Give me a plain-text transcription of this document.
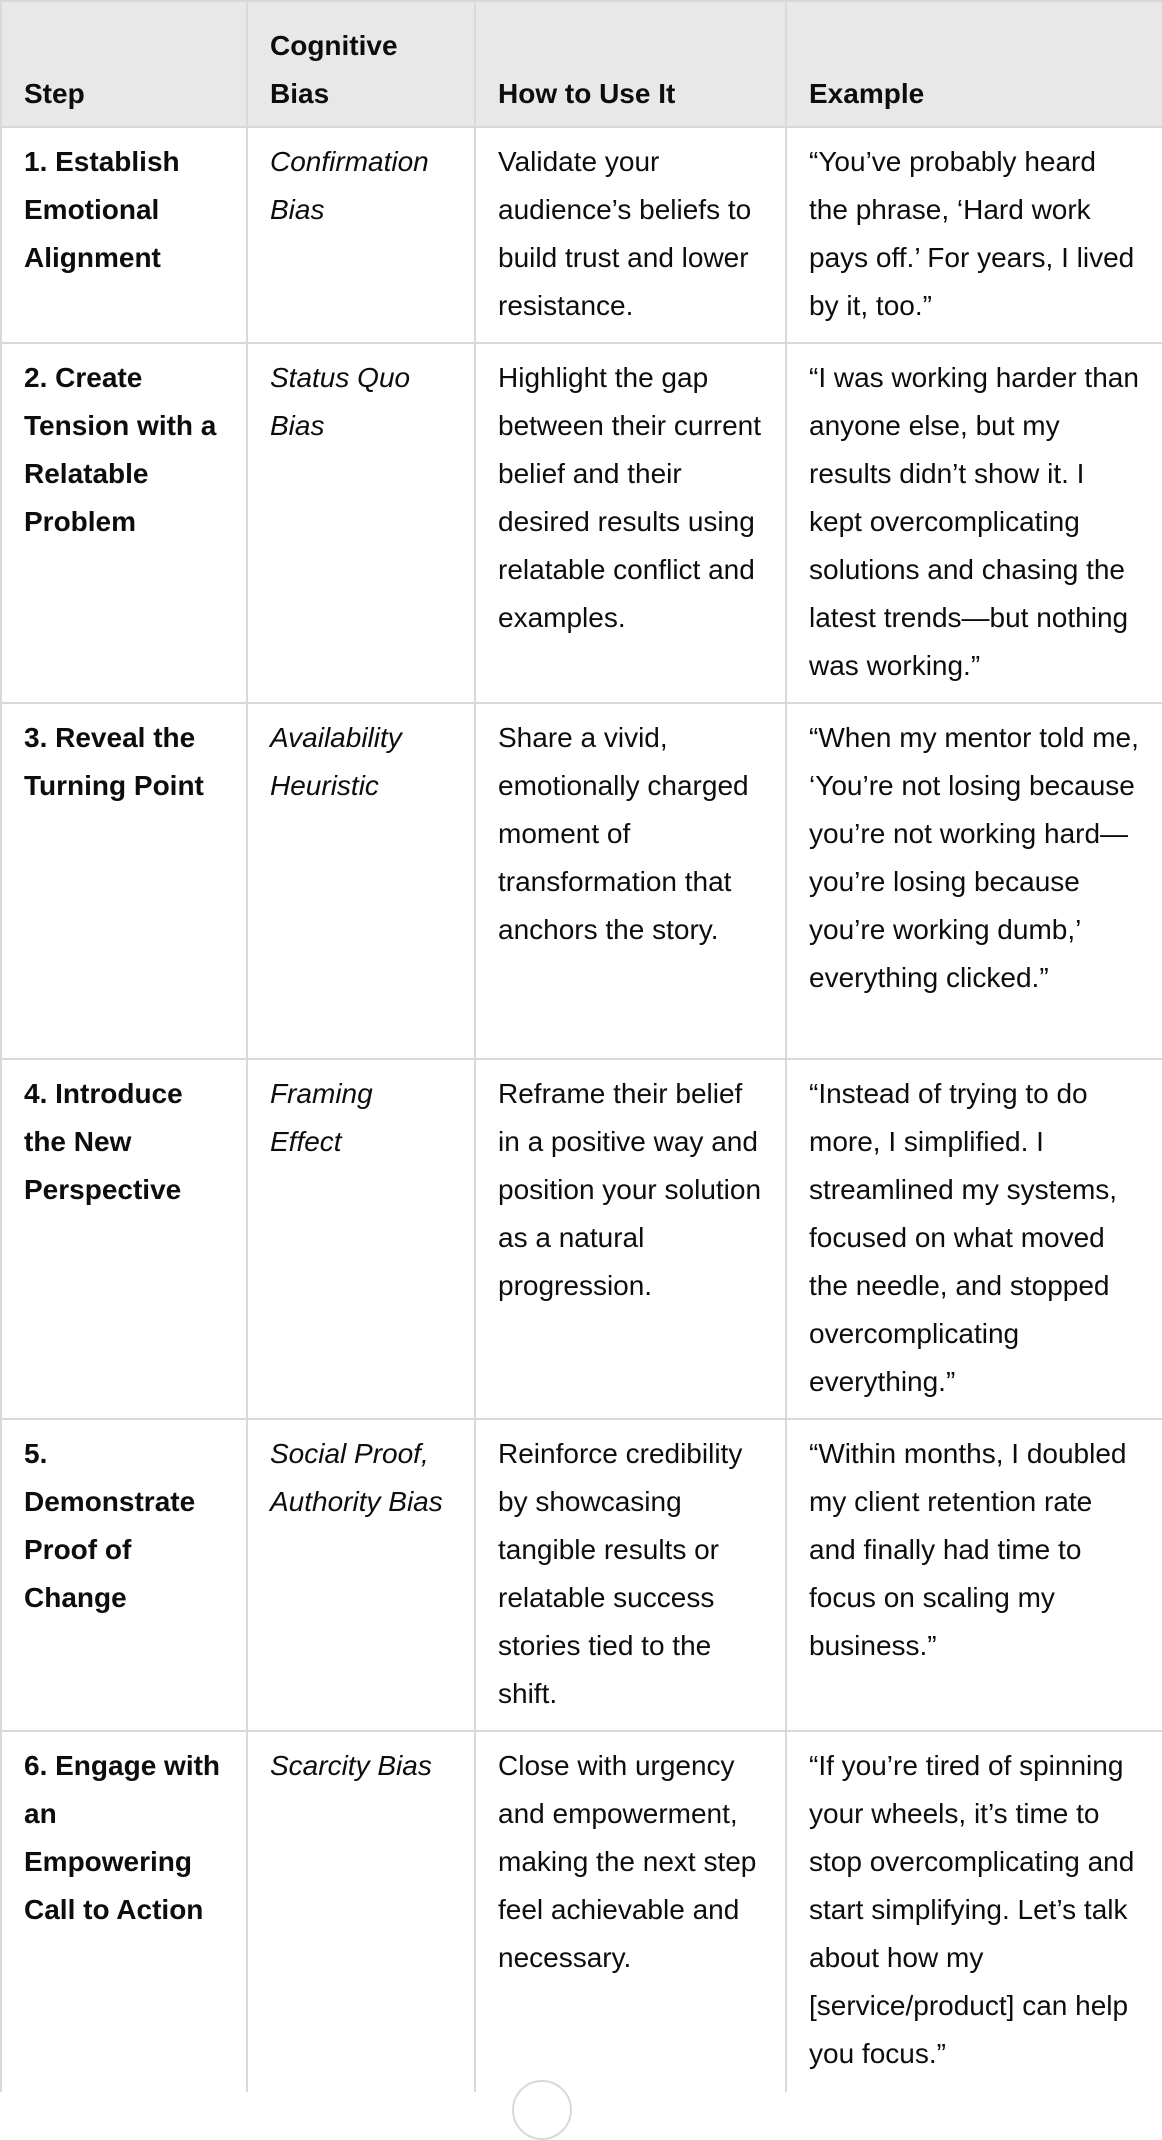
Step	Cognitive Bias	How to Use It	Example
1. Establish Emotional Alignment	Confirmation Bias	Validate your audience’s beliefs to build trust and lower resistance.	“You’ve probably heard the phrase, ‘Hard work pays off.’ For years, I lived by it, too.”
2. Create Tension with a Relatable Problem	Status Quo Bias	Highlight the gap between their current belief and their desired results using relatable conflict and examples.	“I was working harder than anyone else, but my results didn’t show it. I kept overcomplicating solutions and chasing the latest trends—but nothing was working.”
3. Reveal the Turning Point	Availability Heuristic	Share a vivid, emotionally charged moment of transformation that anchors the story.	“When my mentor told me, ‘You’re not losing because you’re not working hard—you’re losing because you’re working dumb,’ everything clicked.”
4. Introduce the New Perspective	Framing Effect	Reframe their belief in a positive way and position your solution as a natural progression.	“Instead of trying to do more, I simplified. I streamlined my systems, focused on what moved the needle, and stopped overcomplicating everything.”
5. Demonstrate Proof of Change	Social Proof, Authority Bias	Reinforce credibility by showcasing tangible results or relatable success stories tied to the shift.	“Within months, I doubled my client retention rate and finally had time to focus on scaling my business.”
6. Engage with an Empowering Call to Action	Scarcity Bias	Close with urgency and empowerment, making the next step feel achievable and necessary.	“If you’re tired of spinning your wheels, it’s time to stop overcomplicating and start simplifying. Let’s talk about how my [service/product] can help you focus.”
